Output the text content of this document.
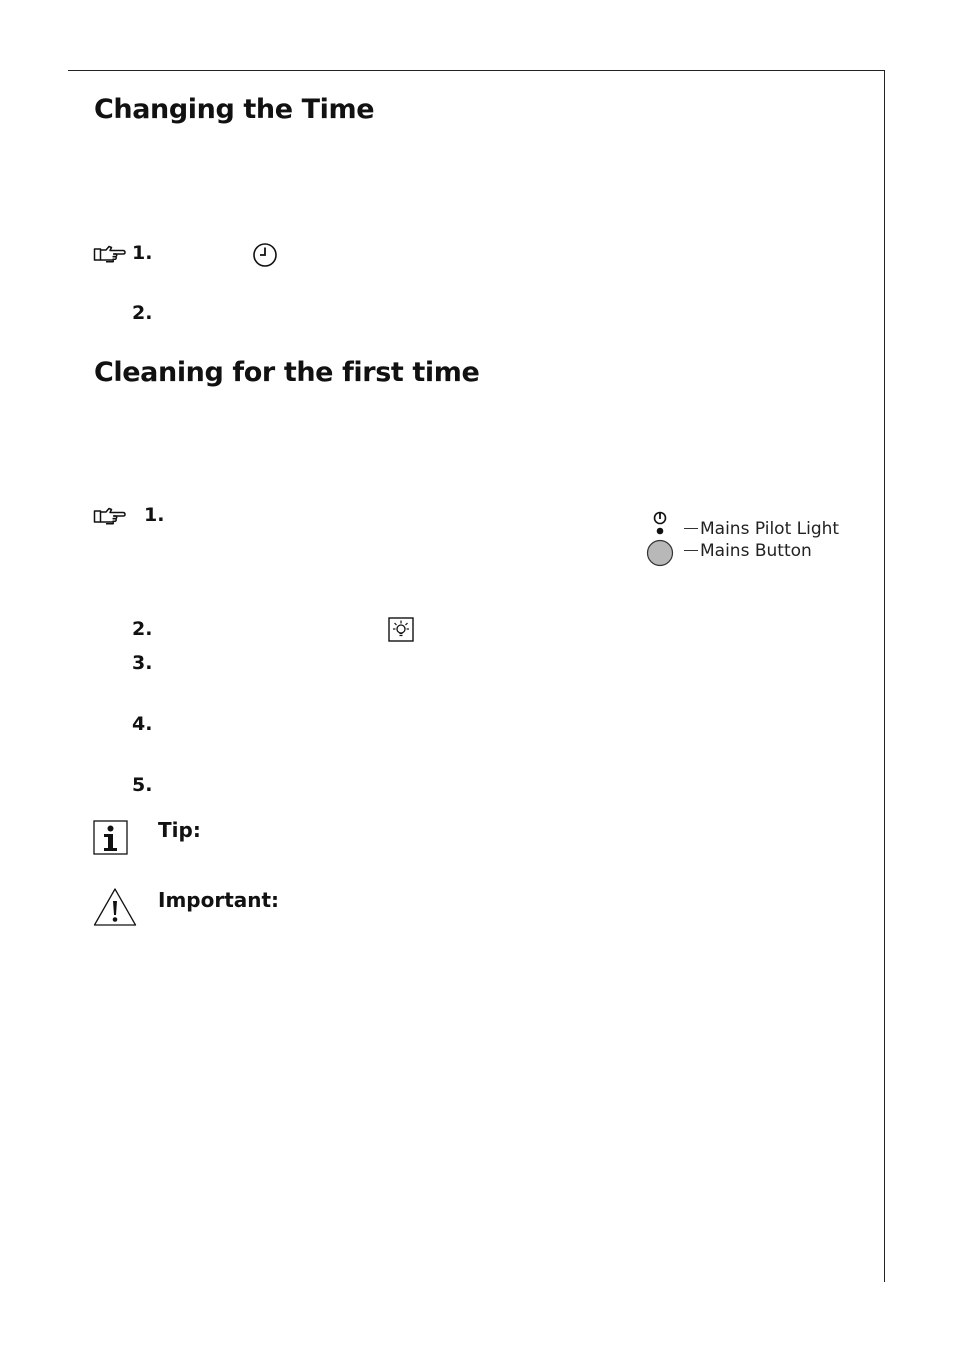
Changing the Time
1.
2.
Cleaning for the first time
1.
Mains Pilot Light
Mains Button
2.
3.
4.
5.
Tip:
Important:
